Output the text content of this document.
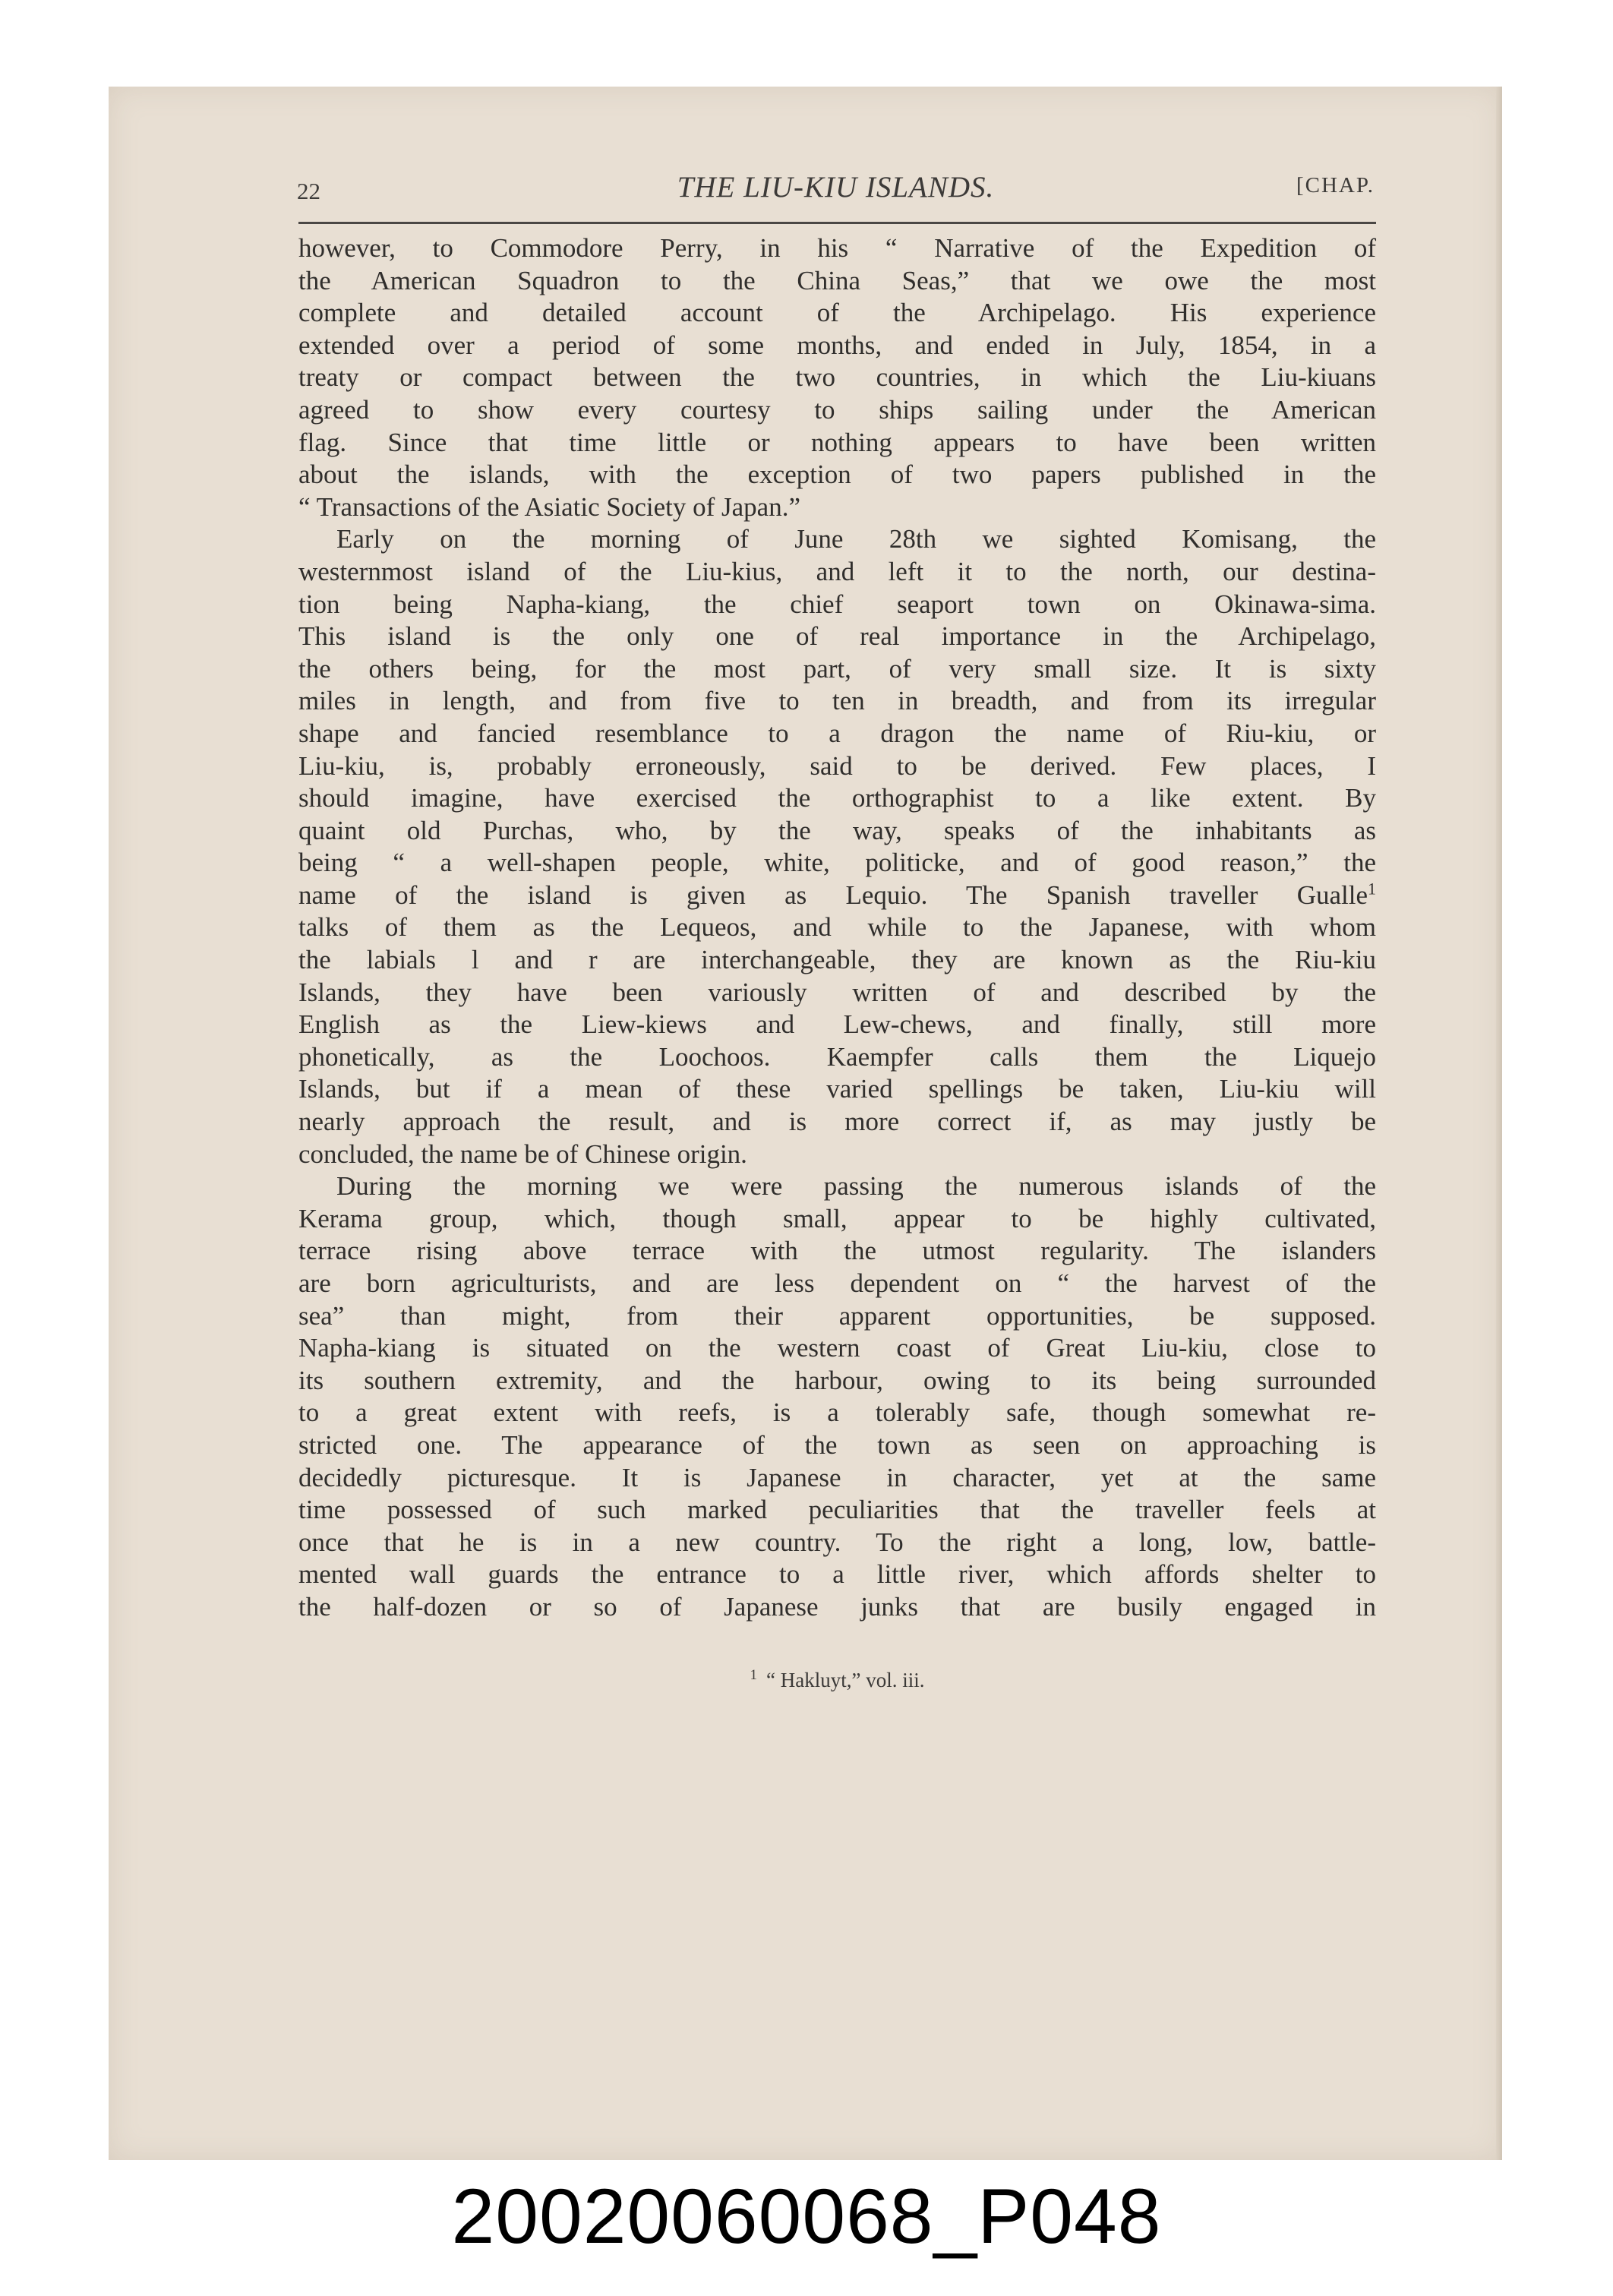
22	THE LIU-KIU ISLANDS.	[CHAP.
however, to Commodore Perry, in his “ Narrative of the Expedition of
the American Squadron to the China Seas,” that we owe the most
complete and detailed account of the Archipelago. His experience
extended over a period of some months, and ended in July, 1854, in a
treaty or compact between the two countries, in which the Liu-kiuans
agreed to show every courtesy to ships sailing under the American
flag. Since that time little or nothing appears to have been written
about the islands, with the exception of two papers published in the
“ Transactions of the Asiatic Society of Japan.”
Early on the morning of June 28th we sighted Komisang, the
westernmost island of the Liu-kius, and left it to the north, our destina-
tion being Napha-kiang, the chief seaport town on Okinawa-sima.
This island is the only one of real importance in the Archipelago,
the others being, for the most part, of very small size. It is sixty
miles in length, and from five to ten in breadth, and from its irregular
shape and fancied resemblance to a dragon the name of Riu-kiu, or
Liu-kiu, is, probably erroneously, said to be derived. Few places, I
should imagine, have exercised the orthographist to a like extent. By
quaint old Purchas, who, by the way, speaks of the inhabitants as
being “ a well-shapen people, white, politicke, and of good reason,” the
name of the island is given as Lequio. The Spanish traveller Gualle$^1$
talks of them as the Lequeos, and while to the Japanese, with whom
the labials l and r are interchangeable, they are known as the Riu-kiu
Islands, they have been variously written of and described by the
English as the Liew-kiews and Lew-chews, and finally, still more
phonetically, as the Loochoos. Kaempfer calls them the Liquejo
Islands, but if a mean of these varied spellings be taken, Liu-kiu will
nearly approach the result, and is more correct if, as may justly be
concluded, the name be of Chinese origin.
During the morning we were passing the numerous islands of the
Kerama group, which, though small, appear to be highly cultivated,
terrace rising above terrace with the utmost regularity. The islanders
are born agriculturists, and are less dependent on “ the harvest of the
sea” than might, from their apparent opportunities, be supposed.
Napha-kiang is situated on the western coast of Great Liu-kiu, close to
its southern extremity, and the harbour, owing to its being surrounded
to a great extent with reefs, is a tolerably safe, though somewhat re-
stricted one. The appearance of the town as seen on approaching is
decidedly picturesque. It is Japanese in character, yet at the same
time possessed of such marked peculiarities that the traveller feels at
once that he is in a new country. To the right a long, low, battle-
mented wall guards the entrance to a little river, which affords shelter to
the half-dozen or so of Japanese junks that are busily engaged in
$^1$ “ Hakluyt,” vol. iii.
20020060068_P048
